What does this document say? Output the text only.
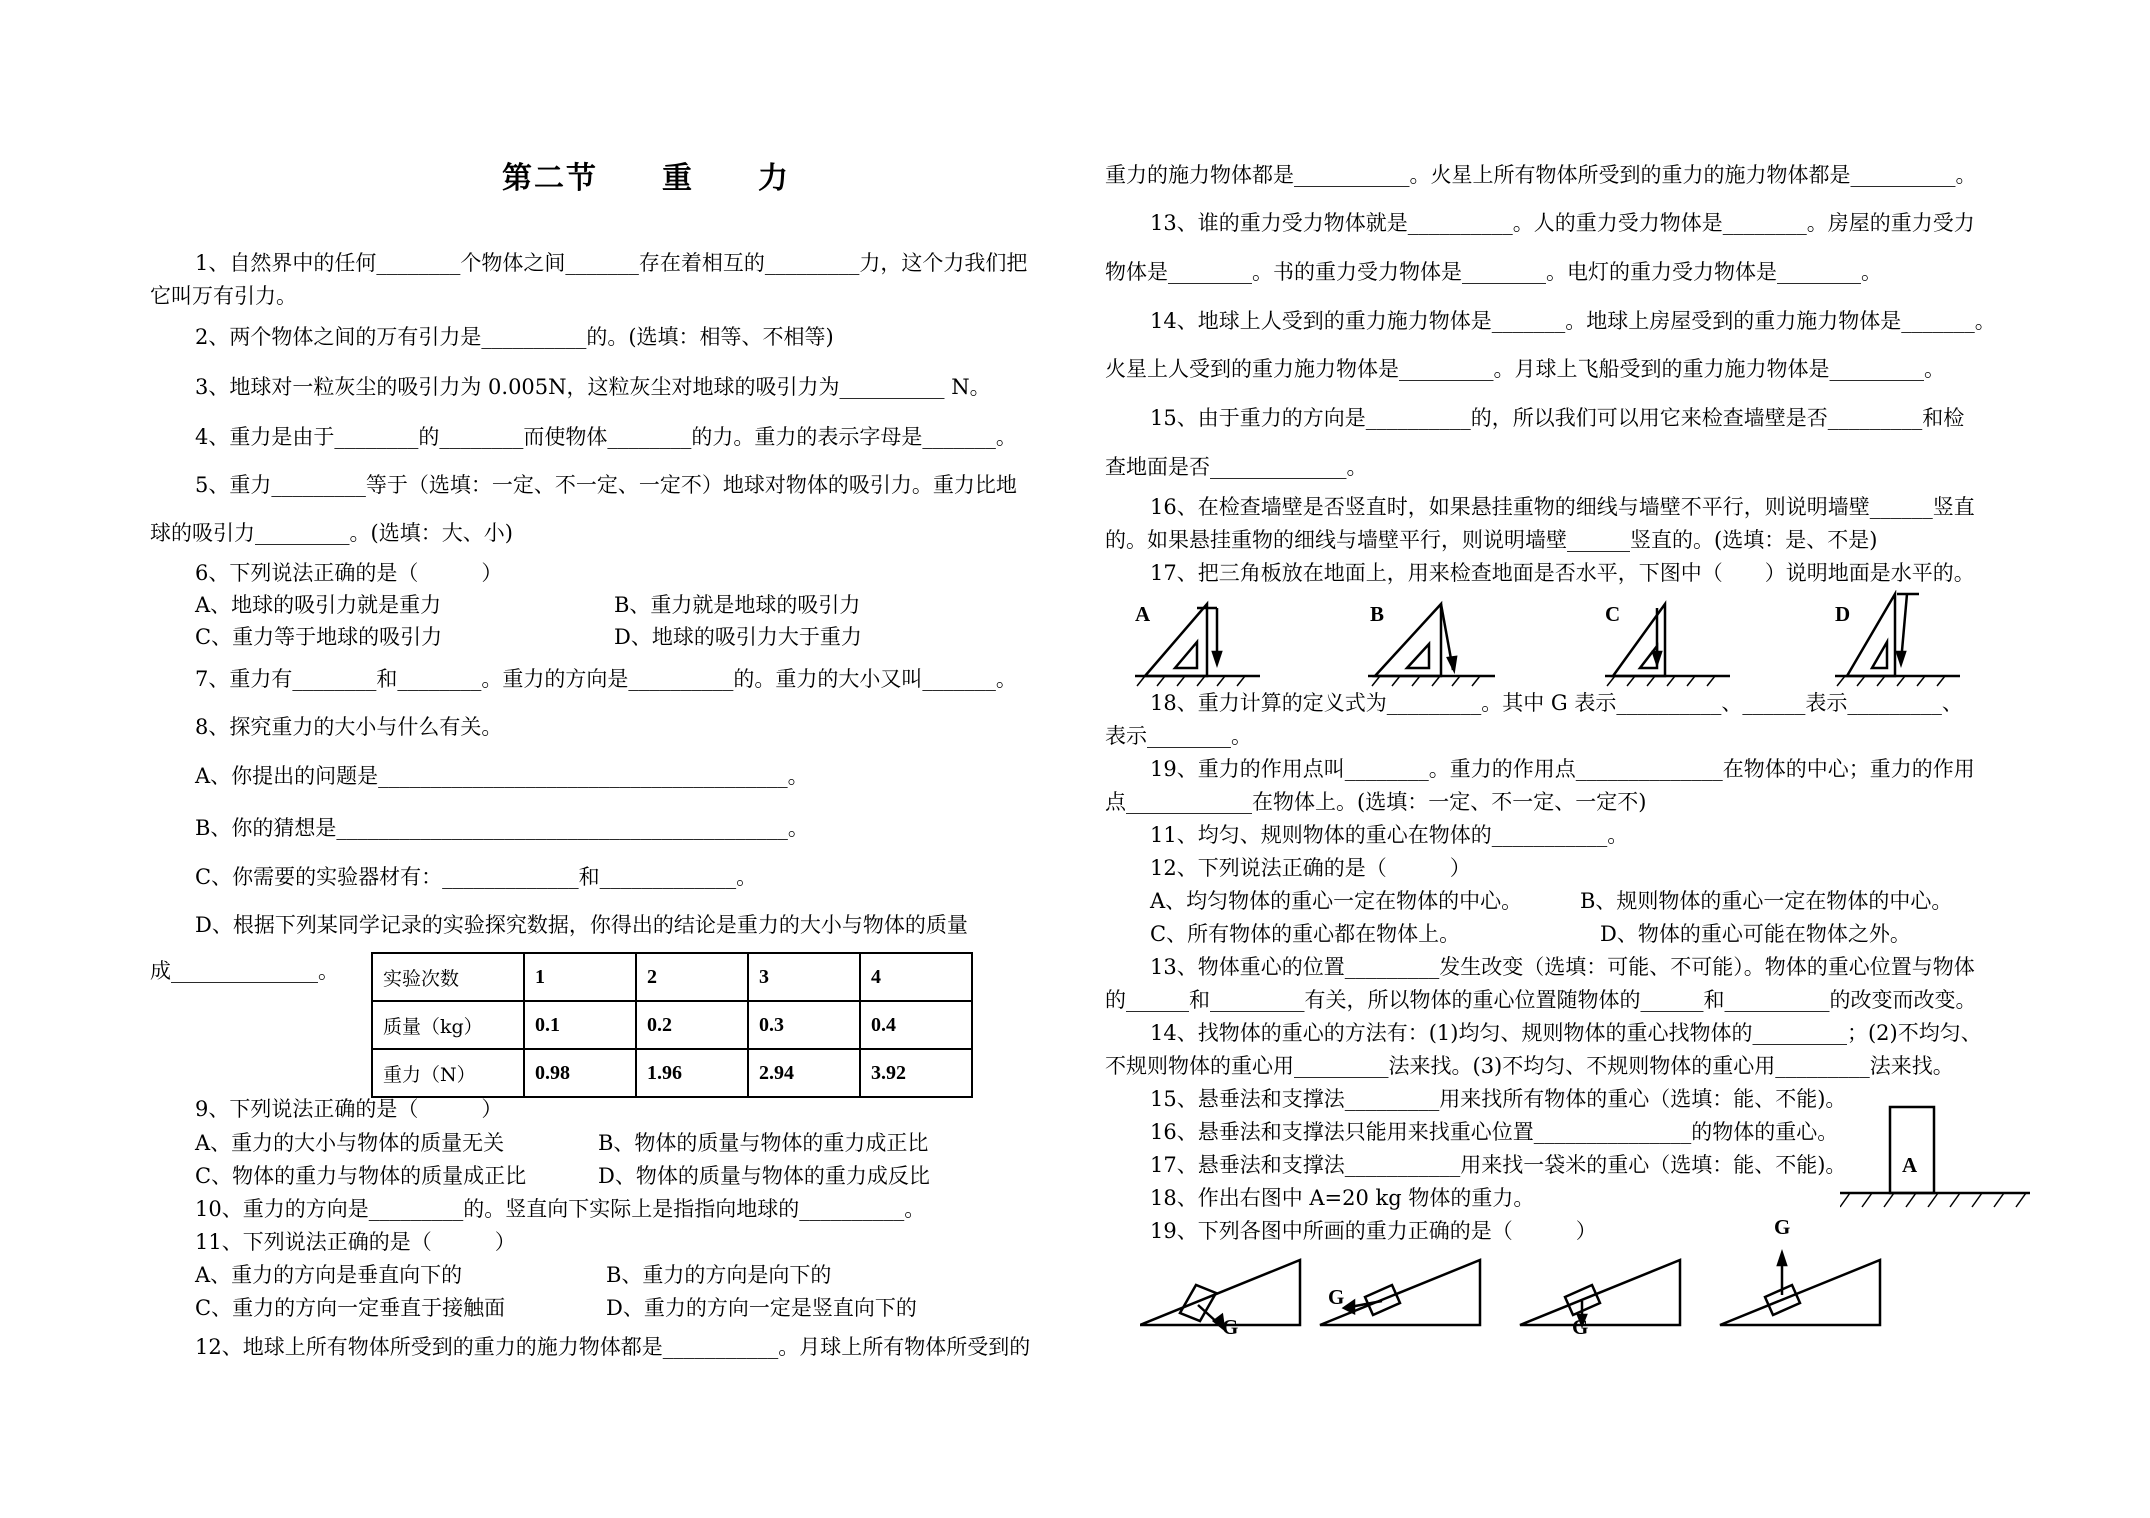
第二节　　重　　力
1、自然界中的任何________个物体之间_______存在着相互的_________力，这个力我们把
它叫万有引力。
2、两个物体之间的万有引力是__________的。(选填：相等、不相等)
3、地球对一粒灰尘的吸引力为 0.005N，这粒灰尘对地球的吸引力为__________ N。
4、重力是由于________的________而使物体________的力。重力的表示字母是_______。
5、重力_________等于（选填：一定、不一定、一定不）地球对物体的吸引力。重力比地
球的吸引力_________。(选填：大、小)
6、下列说法正确的是（　　　）
A、地球的吸引力就是重力	B、重力就是地球的吸引力
C、重力等于地球的吸引力	D、地球的吸引力大于重力
7、重力有________和________。重力的方向是__________的。重力的大小又叫_______。
8、探究重力的大小与什么有关。
A、你提出的问题是_______________________________________。
B、你的猜想是___________________________________________。
C、你需要的实验器材有：_____________和_____________。
D、根据下列某同学记录的实验探究数据，你得出的结论是重力的大小与物体的质量
成______________。 实验次数	1	2	3	4
质量（kg）	0.1	0.2	0.3	0.4
重力（N）	0.98	1.96	2.94	3.92
9、下列说法正确的是（　　　）
A、重力的大小与物体的质量无关	B、物体的质量与物体的重力成正比
C、物体的重力与物体的质量成正比	D、物体的质量与物体的重力成反比
10、重力的方向是_________的。竖直向下实际上是指指向地球的__________。
11、下列说法正确的是（　　　）
A、重力的方向是垂直向下的	B、重力的方向是向下的
C、重力的方向一定垂直于接触面	D、重力的方向一定是竖直向下的
12、地球上所有物体所受到的重力的施力物体都是___________。月球上所有物体所受到的
重力的施力物体都是___________。火星上所有物体所受到的重力的施力物体都是__________。
13、谁的重力受力物体就是__________。人的重力受力物体是________。房屋的重力受力
物体是________。书的重力受力物体是________。电灯的重力受力物体是________。
14、地球上人受到的重力施力物体是_______。地球上房屋受到的重力施力物体是_______。
火星上人受到的重力施力物体是_________。月球上飞船受到的重力施力物体是_________。
15、由于重力的方向是__________的，所以我们可以用它来检查墙壁是否_________和检
查地面是否_____________。
16、在检查墙壁是否竖直时，如果悬挂重物的细线与墙壁不平行，则说明墙壁______竖直
的。如果悬挂重物的细线与墙壁平行，则说明墙壁______竖直的。(选填：是、不是)
17、把三角板放在地面上，用来检查地面是否水平，下图中（　　）说明地面是水平的。
A	B	C	D
18、重力计算的定义式为_________。其中 G 表示__________、______表示_________、
表示________。
19、重力的作用点叫________。重力的作用点______________在物体的中心；重力的作用
点____________在物体上。(选填：一定、不一定、一定不)
11、均匀、规则物体的重心在物体的___________。
12、下列说法正确的是（　　　）
A、均匀物体的重心一定在物体的中心。	B、规则物体的重心一定在物体的中心。
C、所有物体的重心都在物体上。	D、物体的重心可能在物体之外。
13、物体重心的位置_________发生改变（选填：可能、不可能）。物体的重心位置与物体
的______和_________有关，所以物体的重心位置随物体的______和__________的改变而改变。
14、找物体的重心的方法有：(1)均匀、规则物体的重心找物体的_________；(2)不均匀、
不规则物体的重心用_________法来找。(3)不均匀、不规则物体的重心用_________法来找。
15、悬垂法和支撑法_________用来找所有物体的重心（选填：能、不能)。
16、悬垂法和支撑法只能用来找重心位置_______________的物体的重心。
17、悬垂法和支撑法___________用来找一袋米的重心（选填：能、不能)。
18、作出右图中 A=20 kg 物体的重力。
19、下列各图中所画的重力正确的是（　　　）
A
G
G
G
G
